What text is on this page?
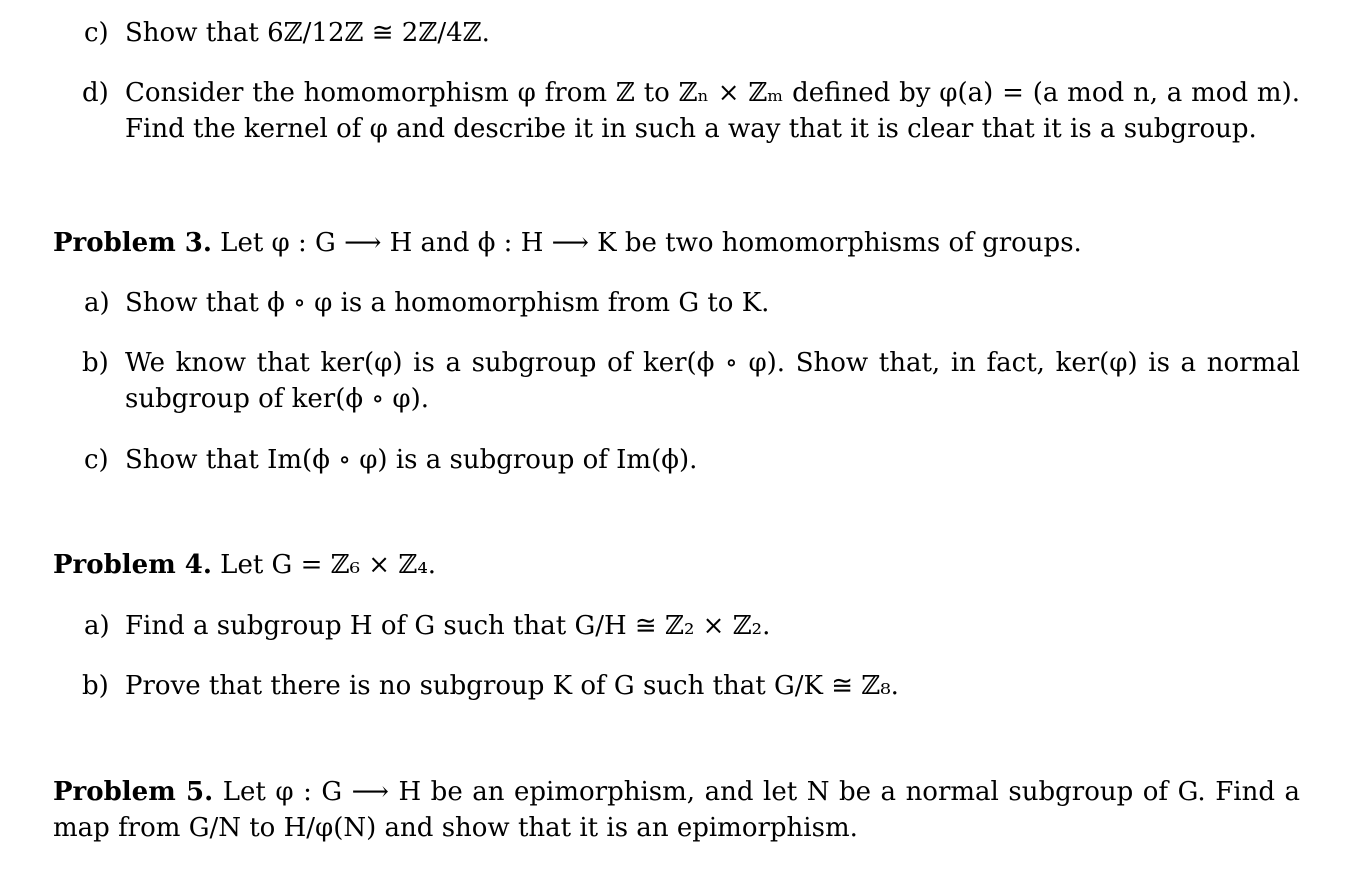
c) Show that 6ℤ/12ℤ ≅ 2ℤ/4ℤ.
d) Consider the homomorphism φ from ℤ to ℤₙ × ℤₘ defined by φ(a) = (a mod n, a mod m).
Find the kernel of φ and describe it in such a way that it is clear that it is a subgroup.
Problem 3. Let φ : G ⟶ H and ϕ : H ⟶ K be two homomorphisms of groups.
a) Show that ϕ ∘ φ is a homomorphism from G to K.
b) We know that ker(φ) is a subgroup of ker(ϕ ∘ φ). Show that, in fact, ker(φ) is a normal
subgroup of ker(ϕ ∘ φ).
c) Show that Im(ϕ ∘ φ) is a subgroup of Im(ϕ).
Problem 4. Let G = ℤ₆ × ℤ₄.
a) Find a subgroup H of G such that G/H ≅ ℤ₂ × ℤ₂.
b) Prove that there is no subgroup K of G such that G/K ≅ ℤ₈.
Problem 5. Let φ : G ⟶ H be an epimorphism, and let N be a normal subgroup of G. Find a
map from G/N to H/φ(N) and show that it is an epimorphism.
